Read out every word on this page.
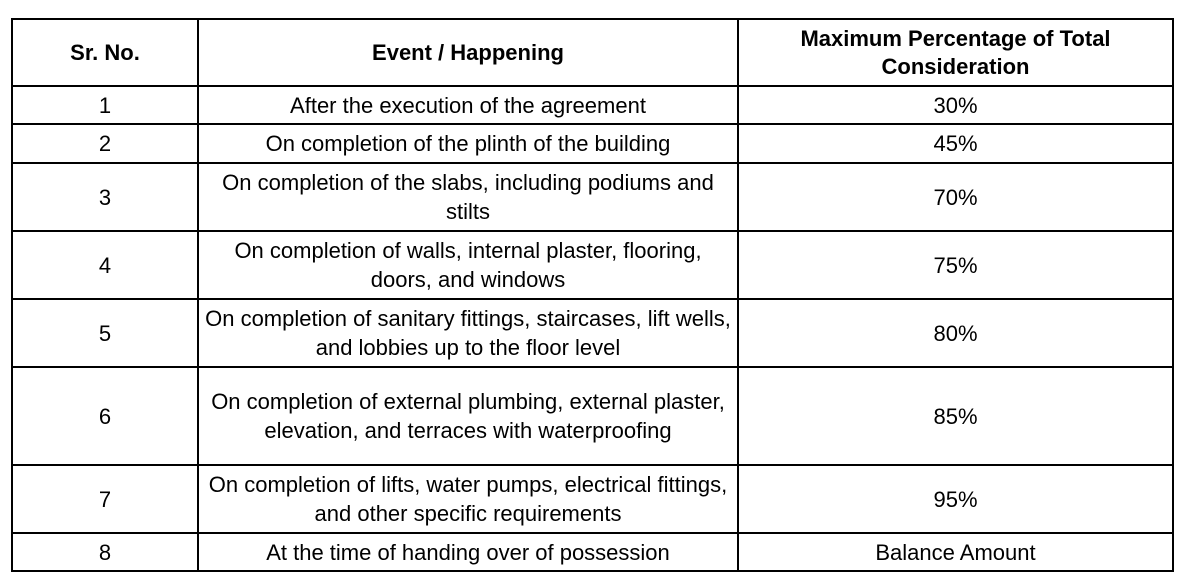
Sr. No.	Event / Happening	Maximum Percentage of Total Consideration
1	After the execution of the agreement	30%
2	On completion of the plinth of the building	45%
3	On completion of the slabs, including podiums and stilts	70%
4	On completion of walls, internal plaster, flooring, doors, and windows	75%
5	On completion of sanitary fittings, staircases, lift wells, and lobbies up to the floor level	80%
6	On completion of external plumbing, external plaster, elevation, and terraces with waterproofing	85%
7	On completion of lifts, water pumps, electrical fittings, and other specific requirements	95%
8	At the time of handing over of possession	Balance Amount
